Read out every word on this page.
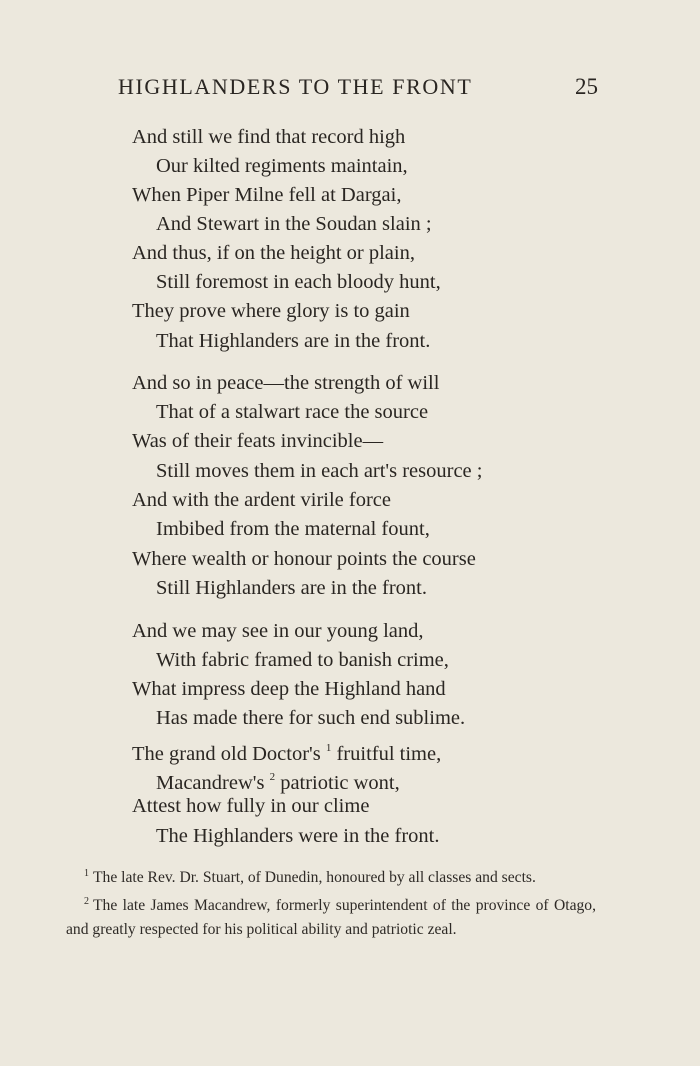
HIGHLANDERS TO THE FRONT	25
And still we find that record high
Our kilted regiments maintain,
When Piper Milne fell at Dargai,
And Stewart in the Soudan slain ;
And thus, if on the height or plain,
Still foremost in each bloody hunt,
They prove where glory is to gain
That Highlanders are in the front.
And so in peace—the strength of will
That of a stalwart race the source
Was of their feats invincible—
Still moves them in each art's resource ;
And with the ardent virile force
Imbibed from the maternal fount,
Where wealth or honour points the course
Still Highlanders are in the front.
And we may see in our young land,
With fabric framed to banish crime,
What impress deep the Highland hand
Has made there for such end sublime.
The grand old Doctor's $^1$ fruitful time,
Macandrew's $^2$ patriotic wont,
Attest how fully in our clime
The Highlanders were in the front.

$^1$ The late Rev. Dr. Stuart, of Dunedin, honoured by all classes and sects.

$^2$ The late James Macandrew, formerly superintendent of the province of Otago, and greatly respected for his political ability and patriotic zeal.
